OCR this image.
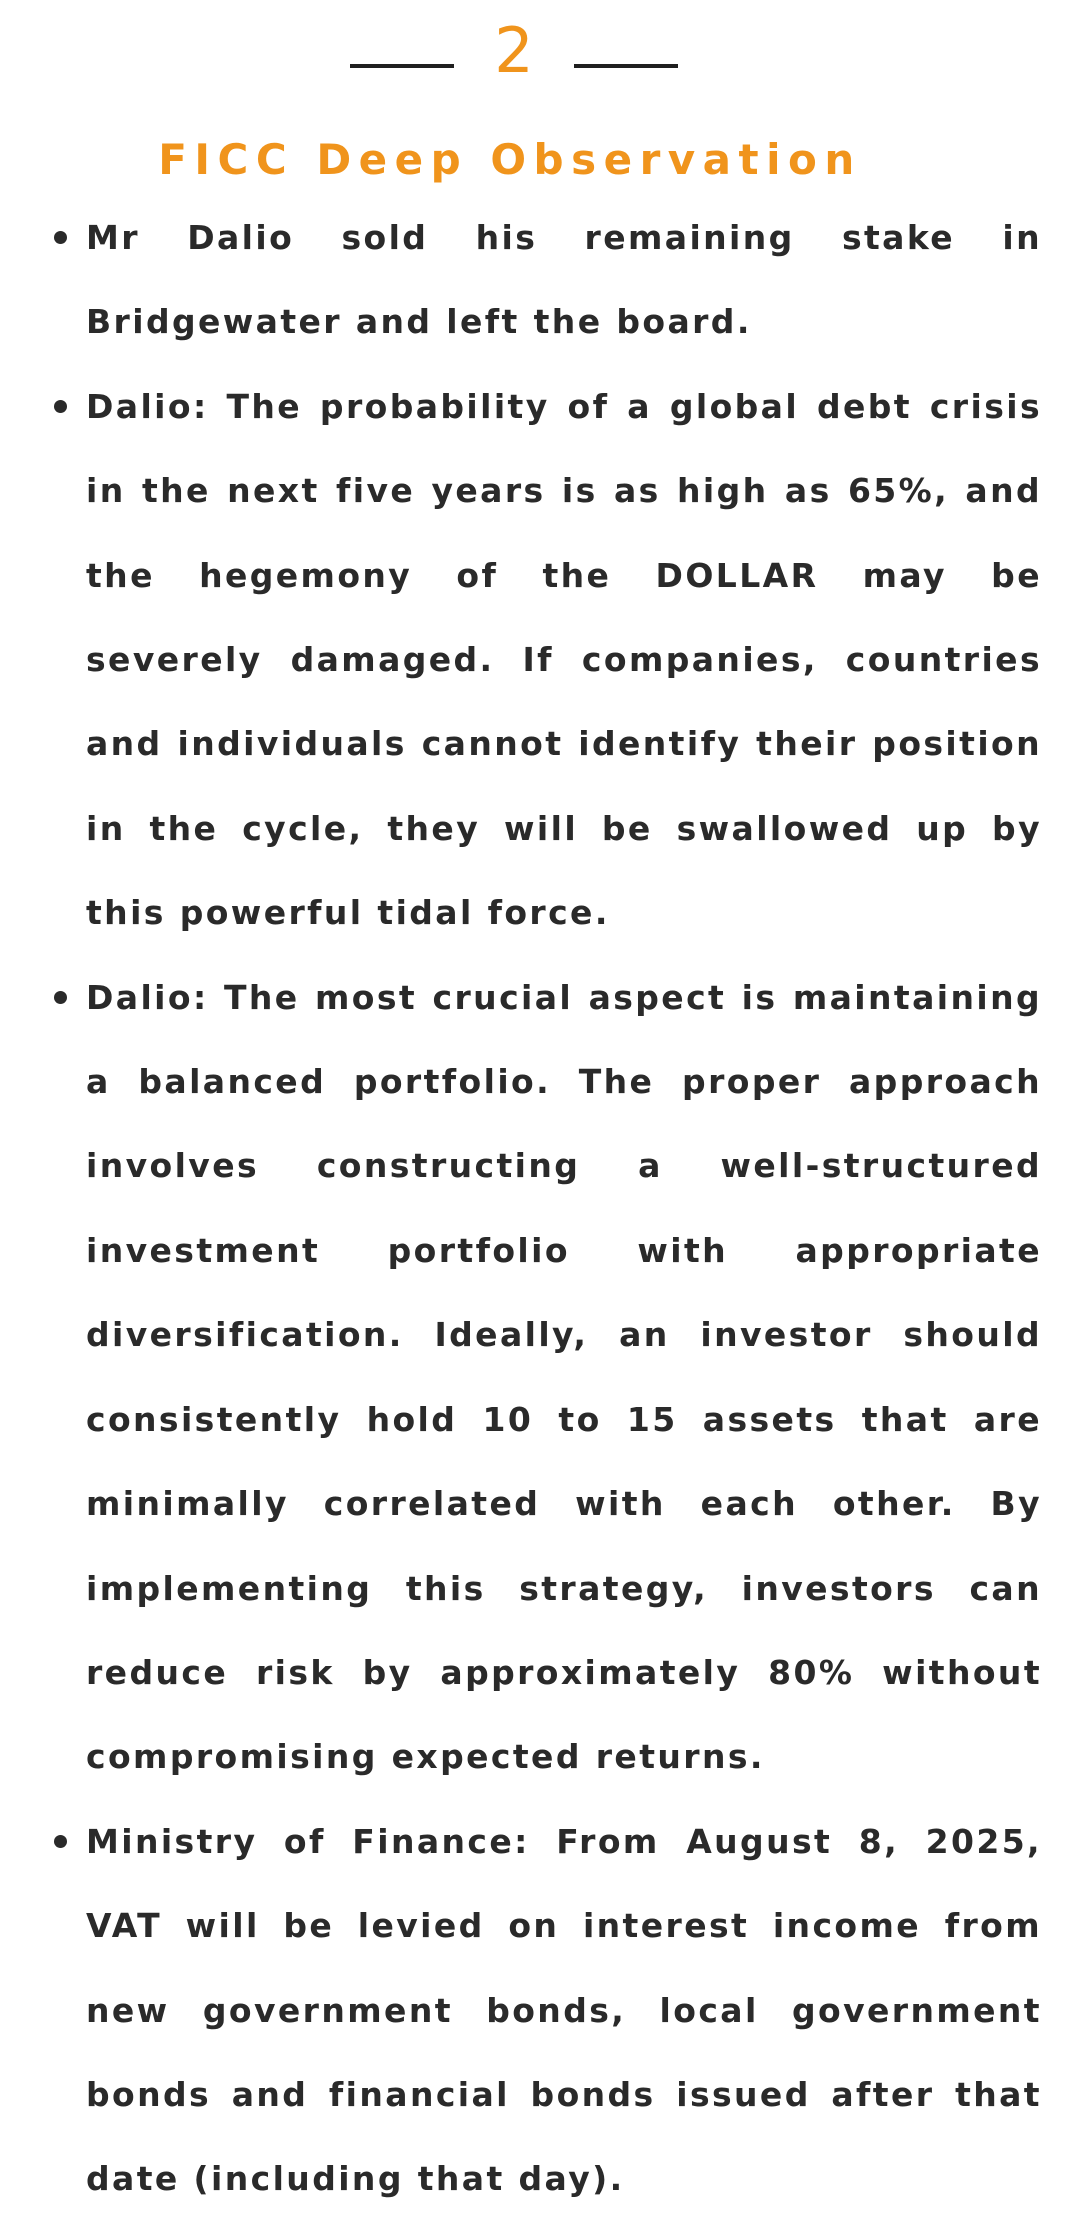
2
FICC Deep Observation
Mr Dalio sold his remaining stake in Bridgewater and left the board.
Dalio: The probability of a global debt crisis in the next five years is as high as 65%, and the hegemony of the DOLLAR may be severely damaged. If companies, countries and individuals cannot identify their position in the cycle, they will be swallowed up by this powerful tidal force.
Dalio: The most crucial aspect is maintaining a balanced portfolio. The proper approach involves constructing a well-structured investment portfolio with appropriate diversification. Ideally, an investor should consistently hold 10 to 15 assets that are minimally correlated with each other. By implementing this strategy, investors can reduce risk by approximately 80% without compromising expected returns.
Ministry of Finance: From August 8, 2025, VAT will be levied on interest income from new government bonds, local government bonds and financial bonds issued after that date (including that day).
